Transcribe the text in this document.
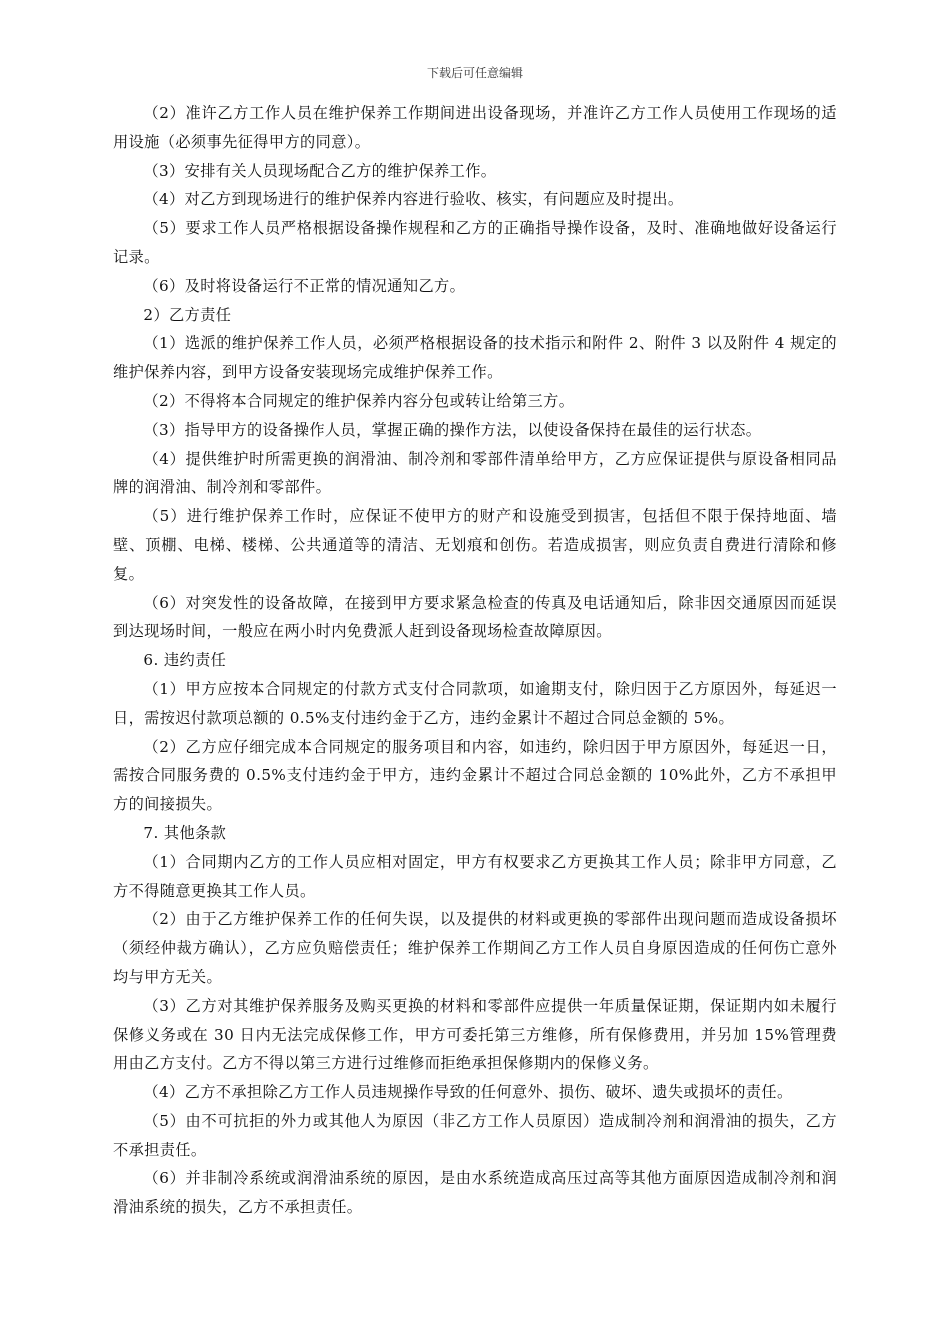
下载后可任意编辑

（2）准许乙方工作人员在维护保养工作期间进出设备现场，并准许乙方工作人员使用工作现场的适用设施（必须事先征得甲方的同意）。

（3）安排有关人员现场配合乙方的维护保养工作。

（4）对乙方到现场进行的维护保养内容进行验收、核实，有问题应及时提出。

（5）要求工作人员严格根据设备操作规程和乙方的正确指导操作设备，及时、准确地做好设备运行记录。

（6）及时将设备运行不正常的情况通知乙方。

2）乙方责任

（1）选派的维护保养工作人员，必须严格根据设备的技术指示和附件 2、附件 3 以及附件 4 规定的维护保养内容，到甲方设备安装现场完成维护保养工作。

（2）不得将本合同规定的维护保养内容分包或转让给第三方。

（3）指导甲方的设备操作人员，掌握正确的操作方法，以使设备保持在最佳的运行状态。

（4）提供维护时所需更换的润滑油、制冷剂和零部件清单给甲方，乙方应保证提供与原设备相同品牌的润滑油、制冷剂和零部件。

（5）进行维护保养工作时，应保证不使甲方的财产和设施受到损害，包括但不限于保持地面、墙壁、顶棚、电梯、楼梯、公共通道等的清洁、无划痕和创伤。若造成损害，则应负责自费进行清除和修复。

（6）对突发性的设备故障，在接到甲方要求紧急检查的传真及电话通知后，除非因交通原因而延误到达现场时间，一般应在两小时内免费派人赶到设备现场检查故障原因。

6. 违约责任

（1）甲方应按本合同规定的付款方式支付合同款项，如逾期支付，除归因于乙方原因外，每延迟一日，需按迟付款项总额的 0.5%支付违约金于乙方，违约金累计不超过合同总金额的 5%。

（2）乙方应仔细完成本合同规定的服务项目和内容，如违约，除归因于甲方原因外，每延迟一日，需按合同服务费的 0.5%支付违约金于甲方，违约金累计不超过合同总金额的 10%此外，乙方不承担甲方的间接损失。

7. 其他条款

（1）合同期内乙方的工作人员应相对固定，甲方有权要求乙方更换其工作人员；除非甲方同意，乙方不得随意更换其工作人员。

（2）由于乙方维护保养工作的任何失误，以及提供的材料或更换的零部件出现问题而造成设备损坏（须经仲裁方确认），乙方应负赔偿责任；维护保养工作期间乙方工作人员自身原因造成的任何伤亡意外均与甲方无关。

（3）乙方对其维护保养服务及购买更换的材料和零部件应提供一年质量保证期，保证期内如未履行保修义务或在 30 日内无法完成保修工作，甲方可委托第三方维修，所有保修费用，并另加 15%管理费用由乙方支付。乙方不得以第三方进行过维修而拒绝承担保修期内的保修义务。

（4）乙方不承担除乙方工作人员违规操作导致的任何意外、损伤、破坏、遗失或损坏的责任。

（5）由不可抗拒的外力或其他人为原因（非乙方工作人员原因）造成制冷剂和润滑油的损失，乙方不承担责任。

（6）并非制冷系统或润滑油系统的原因，是由水系统造成高压过高等其他方面原因造成制冷剂和润滑油系统的损失，乙方不承担责任。
